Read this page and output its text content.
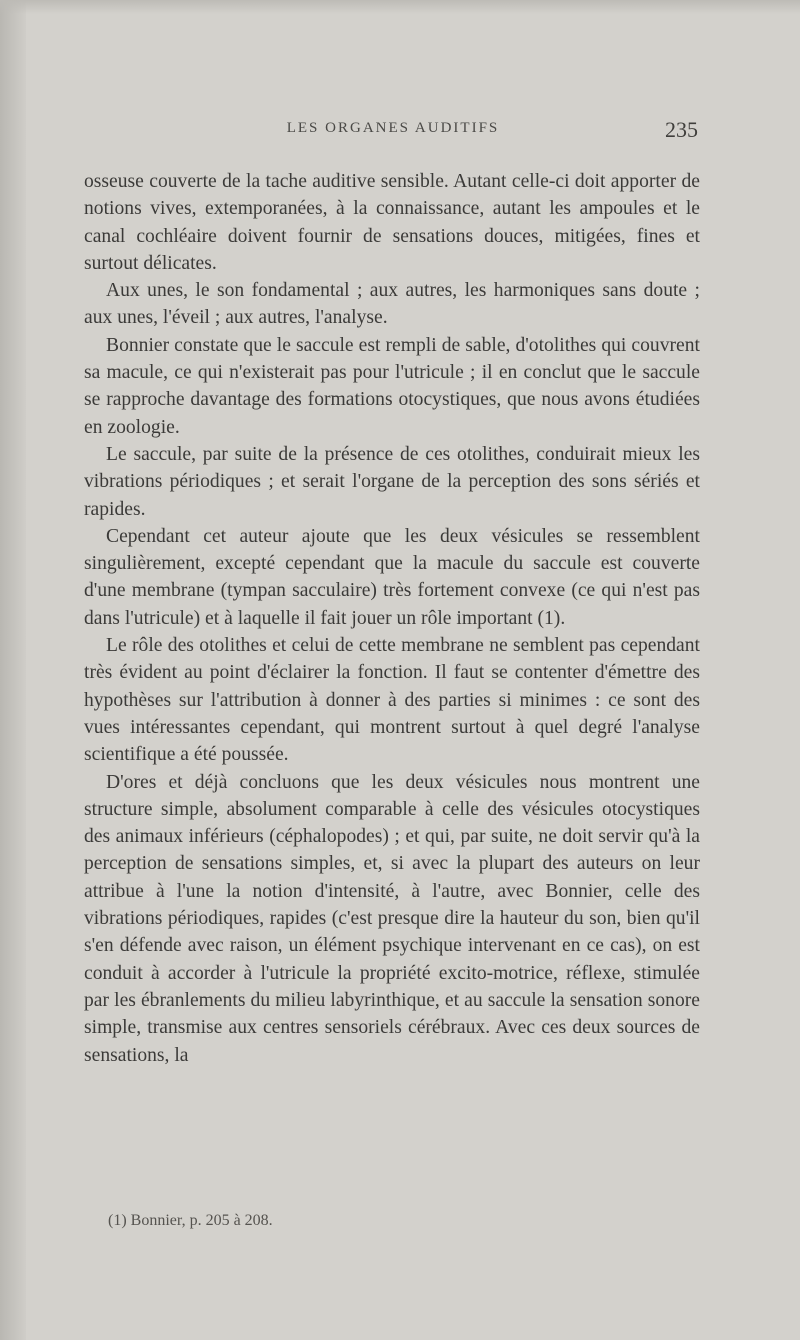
LES ORGANES AUDITIFS	235

osseuse couverte de la tache auditive sensible. Autant celle-ci doit apporter de notions vives, extemporanées, à la connaissance, autant les ampoules et le canal cochléaire doivent fournir de sensations douces, mitigées, fines et surtout délicates.

Aux unes, le son fondamental ; aux autres, les harmoniques sans doute ; aux unes, l'éveil ; aux autres, l'analyse.

Bonnier constate que le saccule est rempli de sable, d'otolithes qui couvrent sa macule, ce qui n'existerait pas pour l'utricule ; il en conclut que le saccule se rapproche davantage des formations otocystiques, que nous avons étudiées en zoologie.

Le saccule, par suite de la présence de ces otolithes, conduirait mieux les vibrations périodiques ; et serait l'organe de la perception des sons sériés et rapides.

Cependant cet auteur ajoute que les deux vésicules se ressemblent singulièrement, excepté cependant que la macule du saccule est couverte d'une membrane (tympan sacculaire) très fortement convexe (ce qui n'est pas dans l'utricule) et à laquelle il fait jouer un rôle important (1).

Le rôle des otolithes et celui de cette membrane ne semblent pas cependant très évident au point d'éclairer la fonction. Il faut se contenter d'émettre des hypothèses sur l'attribution à donner à des parties si minimes : ce sont des vues intéressantes cependant, qui montrent surtout à quel degré l'analyse scientifique a été poussée.

D'ores et déjà concluons que les deux vésicules nous montrent une structure simple, absolument comparable à celle des vésicules otocystiques des animaux inférieurs (céphalopodes) ; et qui, par suite, ne doit servir qu'à la perception de sensations simples, et, si avec la plupart des auteurs on leur attribue à l'une la notion d'intensité, à l'autre, avec Bonnier, celle des vibrations périodiques, rapides (c'est presque dire la hauteur du son, bien qu'il s'en défende avec raison, un élément psychique intervenant en ce cas), on est conduit à accorder à l'utricule la propriété excito-motrice, réflexe, stimulée par les ébranlements du milieu labyrinthique, et au saccule la sensation sonore simple, transmise aux centres sensoriels cérébraux. Avec ces deux sources de sensations, la

(1) Bonnier, p. 205 à 208.
